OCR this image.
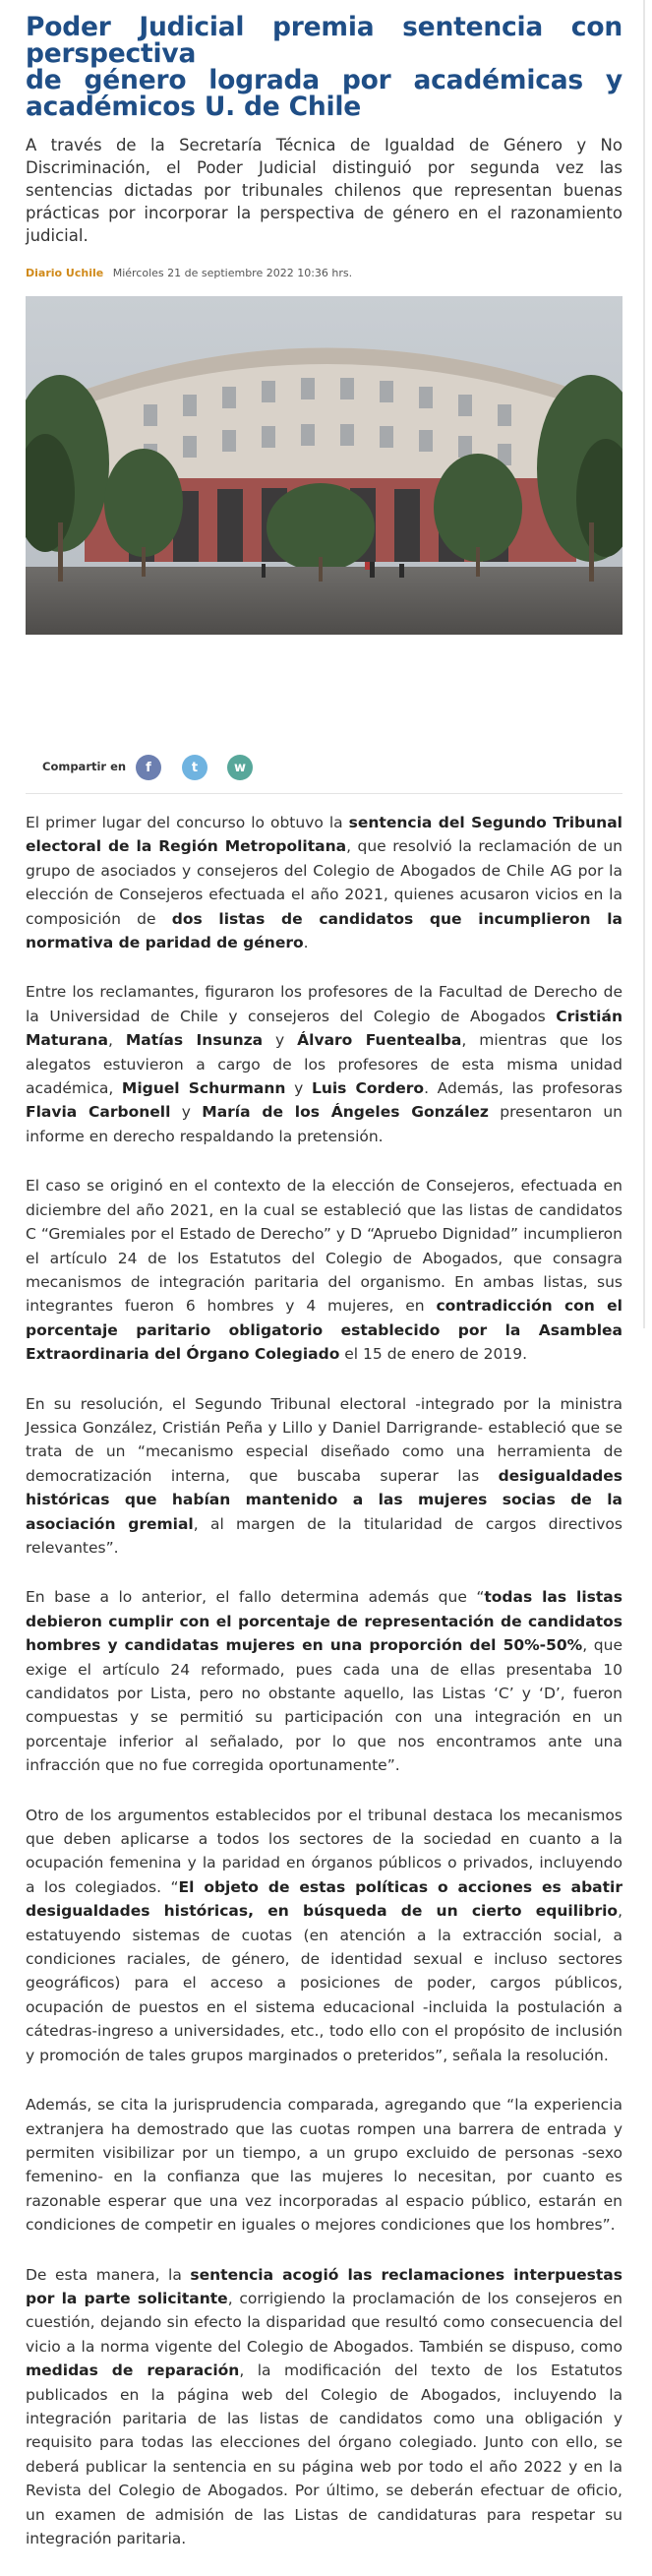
Poder Judicial premia sentencia con perspectiva
de género lograda por académicas y
académicos U. de Chile

A través de la Secretaría Técnica de Igualdad de Género y No Discriminación, el Poder Judicial distinguió por segunda vez las sentencias dictadas por tribunales chilenos que representan buenas prácticas por incorporar la perspectiva de género en el razonamiento judicial.

Diario Uchile Miércoles 21 de septiembre 2022 10:36 hrs.
Compartir en f	t	w

El primer lugar del concurso lo obtuvo la sentencia del Segundo Tribunal electoral de la Región Metropolitana, que resolvió la reclamación de un grupo de asociados y consejeros del Colegio de Abogados de Chile AG por la elección de Consejeros efectuada el año 2021, quienes acusaron vicios en la composición de dos listas de candidatos que incumplieron la normativa de paridad de género.

Entre los reclamantes, figuraron los profesores de la Facultad de Derecho de la Universidad de Chile y consejeros del Colegio de Abogados Cristián Maturana, Matías Insunza y Álvaro Fuentealba, mientras que los alegatos estuvieron a cargo de los profesores de esta misma unidad académica, Miguel Schurmann y Luis Cordero. Además, las profesoras Flavia Carbonell y María de los Ángeles González presentaron un informe en derecho respaldando la pretensión.

El caso se originó en el contexto de la elección de Consejeros, efectuada en diciembre del año 2021, en la cual se estableció que las listas de candidatos C “Gremiales por el Estado de Derecho” y D “Apruebo Dignidad” incumplieron el artículo 24 de los Estatutos del Colegio de Abogados, que consagra mecanismos de integración paritaria del organismo. En ambas listas, sus integrantes fueron 6 hombres y 4 mujeres, en contradicción con el porcentaje paritario obligatorio establecido por la Asamblea Extraordinaria del Órgano Colegiado el 15 de enero de 2019.

En su resolución, el Segundo Tribunal electoral -integrado por la ministra Jessica González, Cristián Peña y Lillo y Daniel Darrigrande- estableció que se trata de un “mecanismo especial diseñado como una herramienta de democratización interna, que buscaba superar las desigualdades históricas que habían mantenido a las mujeres socias de la asociación gremial, al margen de la titularidad de cargos directivos relevantes”.

En base a lo anterior, el fallo determina además que “todas las listas debieron cumplir con el porcentaje de representación de candidatos hombres y candidatas mujeres en una proporción del 50%-50%, que exige el artículo 24 reformado, pues cada una de ellas presentaba 10 candidatos por Lista, pero no obstante aquello, las Listas ‘C’ y ‘D’, fueron compuestas y se permitió su participación con una integración en un porcentaje inferior al señalado, por lo que nos encontramos ante una infracción que no fue corregida oportunamente”.

Otro de los argumentos establecidos por el tribunal destaca los mecanismos que deben aplicarse a todos los sectores de la sociedad en cuanto a la ocupación femenina y la paridad en órganos públicos o privados, incluyendo a los colegiados. “El objeto de estas políticas o acciones es abatir desigualdades históricas, en búsqueda de un cierto equilibrio, estatuyendo sistemas de cuotas (en atención a la extracción social, a condiciones raciales, de género, de identidad sexual e incluso sectores geográficos) para el acceso a posiciones de poder, cargos públicos, ocupación de puestos en el sistema educacional -incluida la postulación a cátedras-ingreso a universidades, etc., todo ello con el propósito de inclusión y promoción de tales grupos marginados o preteridos”, señala la resolución.

Además, se cita la jurisprudencia comparada, agregando que “la experiencia extranjera ha demostrado que las cuotas rompen una barrera de entrada y permiten visibilizar por un tiempo, a un grupo excluido de personas -sexo femenino- en la confianza que las mujeres lo necesitan, por cuanto es razonable esperar que una vez incorporadas al espacio público, estarán en condiciones de competir en iguales o mejores condiciones que los hombres”.

De esta manera, la sentencia acogió las reclamaciones interpuestas por la parte solicitante, corrigiendo la proclamación de los consejeros en cuestión, dejando sin efecto la disparidad que resultó como consecuencia del vicio a la norma vigente del Colegio de Abogados. También se dispuso, como medidas de reparación, la modificación del texto de los Estatutos publicados en la página web del Colegio de Abogados, incluyendo la integración paritaria de las listas de candidatos como una obligación y requisito para todas las elecciones del órgano colegiado. Junto con ello, se deberá publicar la sentencia en su página web por todo el año 2022 y en la Revista del Colegio de Abogados. Por último, se deberán efectuar de oficio, un examen de admisión de las Listas de candidaturas para respetar su integración paritaria.
